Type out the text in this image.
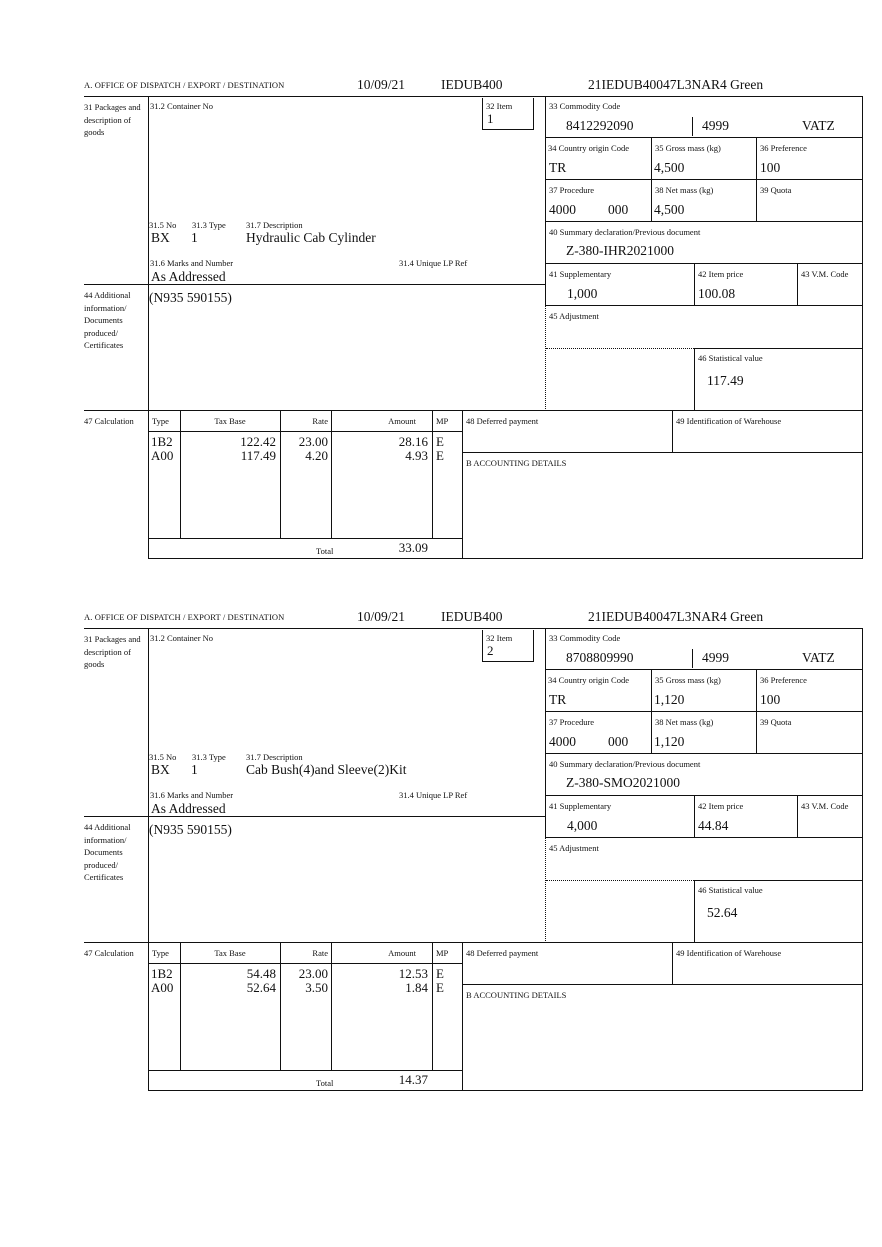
A. OFFICE OF DISPATCH / EXPORT / DESTINATION	10/09/21	IEDUB400	21IEDUB40047L3NAR4 Green
31 Packages and description of goods
31.2 Container No	32 Item
1
31.5 No 31.3 Type 31.7 Description
BX 1	Hydraulic Cab Cylinder
31.6 Marks and Number	31.4 Unique LP Ref
As Addressed
44 Additional information/ Documents produced/ Certificates
(N935 590155)
33 Commodity Code
8412292090	4999	VATZ
34 Country origin Code
TR
35 Gross mass (kg)
4,500
36 Preference
100
37 Procedure
4000 000
38 Net mass (kg)
4,500
39 Quota
40 Summary declaration/Previous document
Z-380-IHR2021000
41 Supplementary
1,000
42 Item price
100.08
43 V.M. Code
45 Adjustment
46 Statistical value
117.49
47 Calculation	Type	Tax Base	Rate	Amount MP
1B2	122.42	23.00	28.16 E
A00	117.49	4.20	4.93 E
Total	33.09
48 Deferred payment	49 Identification of Warehouse
B ACCOUNTING DETAILS
A. OFFICE OF DISPATCH / EXPORT / DESTINATION	10/09/21	IEDUB400	21IEDUB40047L3NAR4 Green
31 Packages and description of goods
31.2 Container No	32 Item
2
31.5 No 31.3 Type 31.7 Description
BX 1	Cab Bush(4)and Sleeve(2)Kit
31.6 Marks and Number	31.4 Unique LP Ref
As Addressed
44 Additional information/ Documents produced/ Certificates
(N935 590155)
33 Commodity Code
8708809990	4999	VATZ
34 Country origin Code
TR
35 Gross mass (kg)
1,120
36 Preference
100
37 Procedure
4000 000
38 Net mass (kg)
1,120
39 Quota
40 Summary declaration/Previous document
Z-380-SMO2021000
41 Supplementary
4,000
42 Item price
44.84
43 V.M. Code
45 Adjustment
46 Statistical value
52.64
47 Calculation	Type	Tax Base	Rate	Amount MP
1B2	54.48	23.00	12.53 E
A00	52.64	3.50	1.84 E
Total	14.37
48 Deferred payment	49 Identification of Warehouse
B ACCOUNTING DETAILS
